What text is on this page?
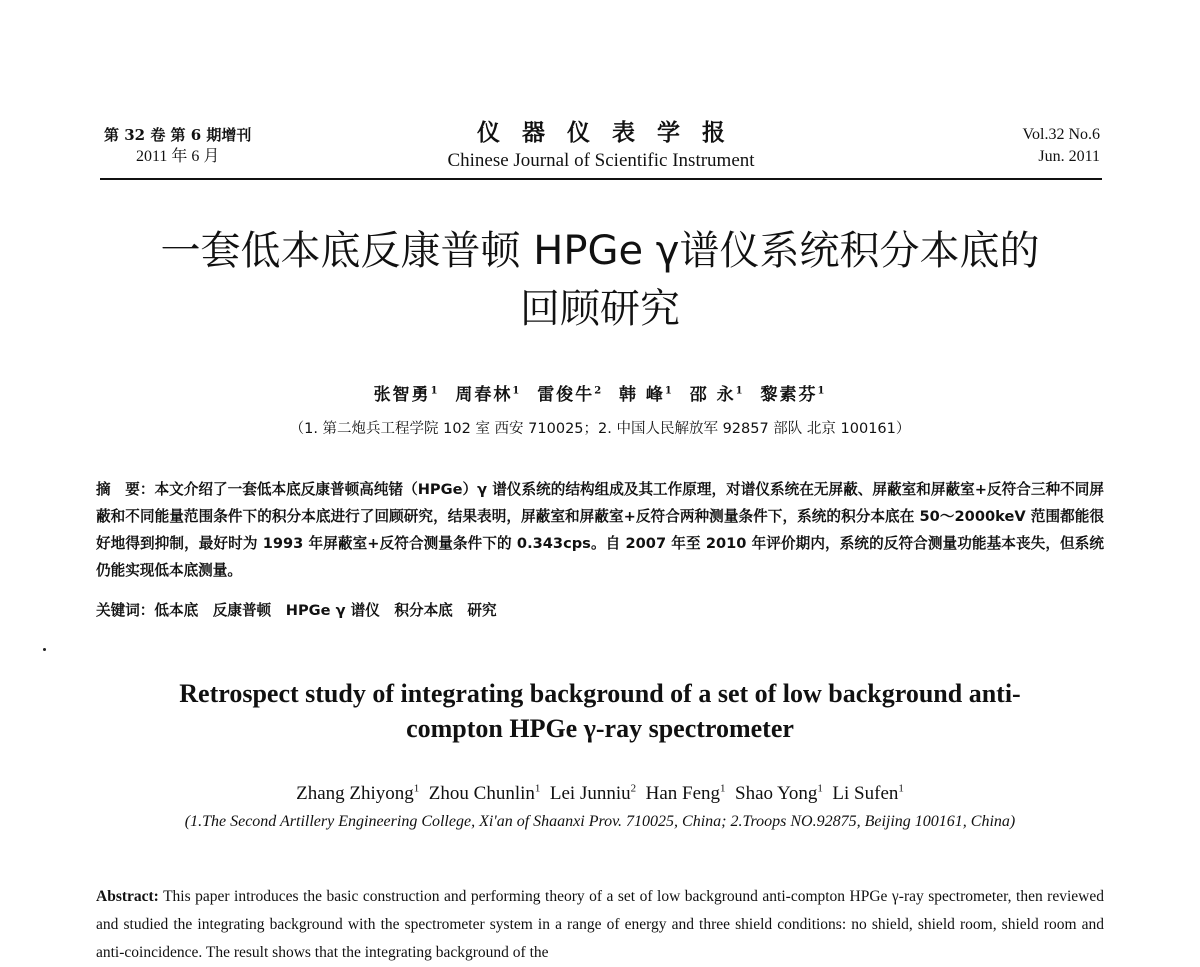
第 32 卷 第 6 期增刊
2011 年 6 月
仪器仪表学报
Chinese Journal of Scientific Instrument
Vol.32 No.6
Jun. 2011
一套低本底反康普顿 HPGe γ谱仪系统积分本底的
回顾研究
张智勇$^1$ 周春林$^1$ 雷俊牛$^2$ 韩 峰$^1$ 邵 永$^1$ 黎素芬$^1$
（1. 第二炮兵工程学院 102 室 西安 710025；2. 中国人民解放军 92857 部队 北京 100161）
摘　要：本文介绍了一套低本底反康普顿高纯锗（HPGe）γ 谱仪系统的结构组成及其工作原理，对谱仪系统在无屏蔽、屏蔽室和屏蔽室+反符合三种不同屏蔽和不同能量范围条件下的积分本底进行了回顾研究，结果表明，屏蔽室和屏蔽室+反符合两种测量条件下，系统的积分本底在 50～2000keV 范围都能很好地得到抑制，最好时为 1993 年屏蔽室+反符合测量条件下的 0.343cps。自 2007 年至 2010 年评价期内，系统的反符合测量功能基本丧失，但系统仍能实现低本底测量。
关键词：低本底　反康普顿　HPGe γ 谱仪　积分本底　研究
Retrospect study of integrating background of a set of low background anti-
compton HPGe γ-ray spectrometer
Zhang Zhiyong$^1$ Zhou Chunlin$^1$ Lei Junniu$^2$ Han Feng$^1$ Shao Yong$^1$ Li Sufen$^1$
(1.The Second Artillery Engineering College, Xi'an of Shaanxi Prov. 710025, China; 2.Troops NO.92875, Beijing 100161, China)
Abstract: This paper introduces the basic construction and performing theory of a set of low background anti-compton HPGe γ-ray spectrometer, then reviewed and studied the integrating background with the spectrometer system in a range of energy and three shield conditions: no shield, shield room, shield room and anti-coincidence. The result shows that the integrating background of the
